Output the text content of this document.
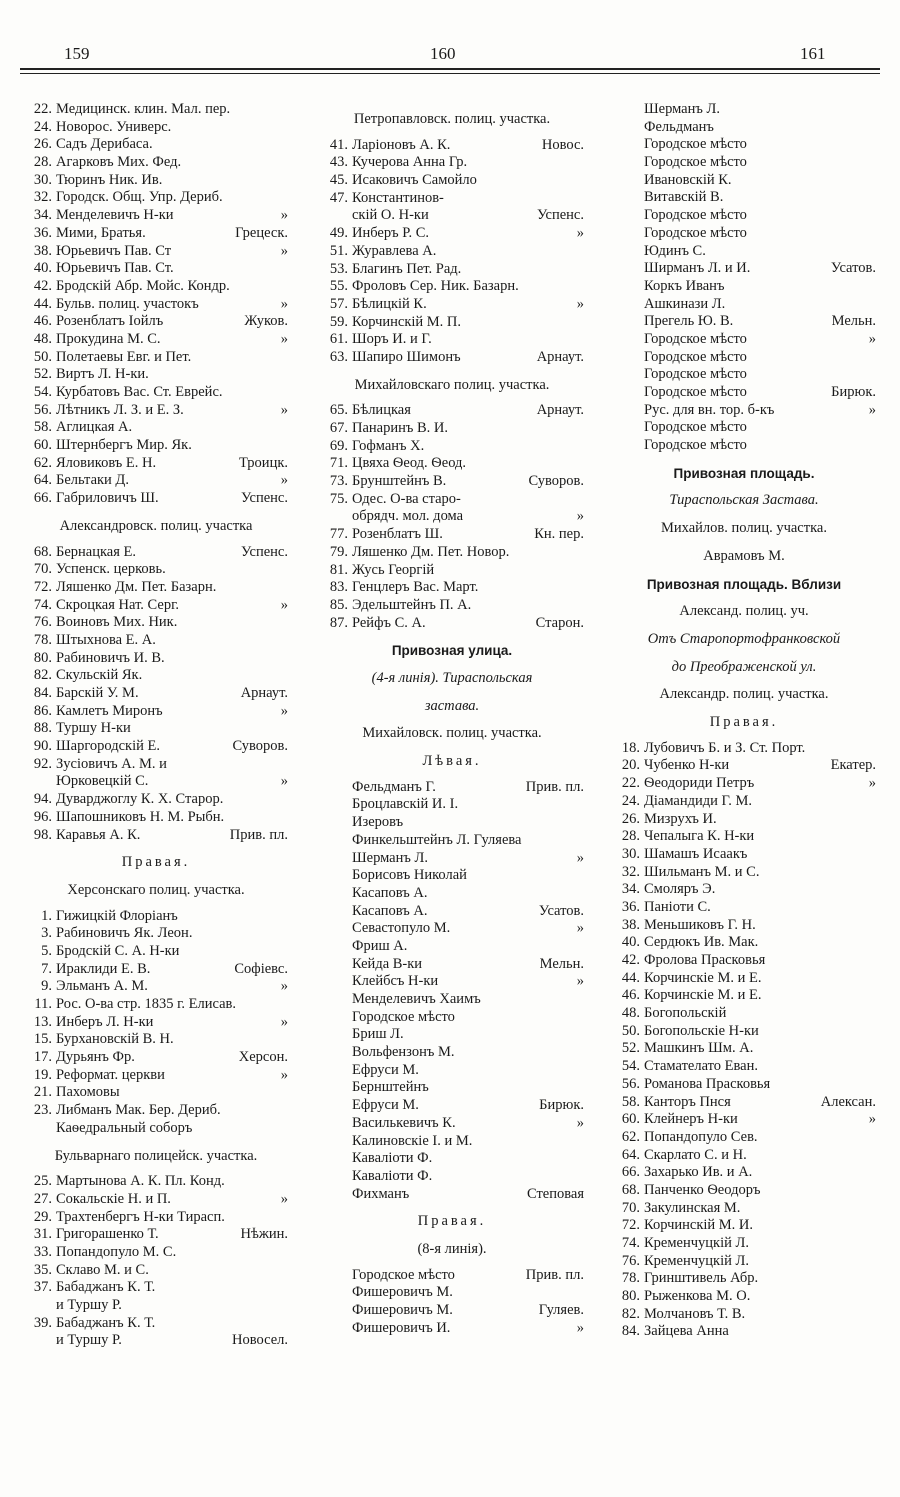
159	160	161
22. Медицинск. клин. Мал. пер.
24. Новорос. Универс.
26. Садъ Дерибаса.
28. Агарковъ Мих. Фед.
30. Тюринъ Ник. Ив.
32. Городск. Общ. Упр. Дериб.
34. Менделевичъ Н-ки	»
36. Мими, Братья.	Грецеск.
38. Юрьевичъ Пав. Ст	»
40. Юрьевичъ Пав. Ст.
42. Бродскій Абр. Мойс. Кондр.
44. Бульв. полиц. участокъ	»
46. Розенблатъ Іойлъ	Жуков.
48. Прокудина М. С.	»
50. Полетаевы Евг. и Пет.
52. Виртъ Л. Н-ки.
54. Курбатовъ Вас. Ст. Еврейс.
56. Лѣтникъ Л. З. и Е. З.	»
58. Аглицкая А.
60. Штернбергъ Мир. Як.
62. Яловиковъ Е. Н.	Троицк.
64. Бельтаки Д.	»
66. Габриловичъ Ш.	Успенс.
Александровск. полиц. участка
68. Бернацкая Е.	Успенс.
70. Успенск. церковь.
72. Ляшенко Дм. Пет. Базарн.
74. Скроцкая Нат. Серг.	»
76. Воиновъ Мих. Ник.
78. Штыхнова Е. А.
80. Рабиновичъ И. В.
82. Скульскій Як.
84. Барскій У. М.	Арнаут.
86. Камлетъ Миронъ	»
88. Туршу Н-ки
90. Шаргородскій Е.	Суворов.
92. Зусіовичъ А. М. и
Юрковецкій С.	»
94. Дуварджоглу К. Х. Старор.
96. Шапошниковъ Н. М. Рыбн.
98. Каравья А. К.	Прив. пл.
Правая.
Херсонскаго полиц. участка.
1. Гижицкій Флоріанъ
3. Рабиновичъ Як. Леон.
5. Бродскій С. А. Н-ки
7. Ираклиди Е. В.	Софіевс.
9. Эльманъ А. М.	»
11. Рос. О-ва стр. 1835 г. Елисав.
13. Инберъ Л. Н-ки	»
15. Бурхановскій В. Н.
17. Дурьянъ Фр.	Херсон.
19. Реформат. церкви	»
21. Пахомовы
23. Либманъ Мак. Бер. Дериб.
Каѳедральный соборъ
Бульварнаго полицейск. участка.
25. Мартынова А. К. Пл. Конд.
27. Сокальскіе Н. и П.	»
29. Трахтенбергъ Н-ки Тирасп.
31. Григорашенко Т.	Нѣжин.
33. Попандопуло М. С.
35. Склаво М. и С.
37. Бабаджанъ К. Т.
и Туршу Р.
39. Бабаджанъ К. Т.
и Туршу Р.	Новосел.
Петропавловск. полиц. участка.
41. Ларіоновъ А. К.	Новос.
43. Кучерова Анна Гр.
45. Исаковичъ Самойло
47. Константинов-
скій О. Н-ки	Успенс.
49. Инберъ Р. С.	»
51. Журавлева А.
53. Благинъ Пет. Рад.
55. Фроловъ Сер. Ник. Базарн.
57. Бѣлицкій К.	»
59. Корчинскій М. П.
61. Шоръ И. и Г.
63. Шапиро Шимонъ	Арнаут.
Михайловскаго полиц. участка.
65. Бѣлицкая	Арнаут.
67. Панаринъ В. И.
69. Гофманъ Х.
71. Цвяха Ѳеод. Ѳеод.
73. Брунштейнъ В.	Суворов.
75. Одес. О-ва старо-
обрядч. мол. дома	»
77. Розенблатъ Ш.	Кн. пер.
79. Ляшенко Дм. Пет. Новор.
81. Жусь Георгій
83. Генцлеръ Вас. Март.
85. Эдельштейнъ П. А.
87. Рейфъ С. А.	Старон.
Привозная улица.
(4-я линія). Тираспольская
застава.
Михайловск. полиц. участка.
Лѣвая.
Фельдманъ Г.	Прив. пл.
Броцлавскій И. І.
Изеровъ
Финкельштейнъ Л. Гуляева
Шерманъ Л.	»
Борисовъ Николай
Касаповъ А.
Касаповъ А.	Усатов.
Севастопуло М.	»
Фриш А.
Кейда В-ки	Мельн.
Клейбсъ Н-ки	»
Менделевичъ Хаимъ
Городское мѣсто
Бриш Л.
Вольфензонъ М.
Ефруси М.
Бернштейнъ
Ефруси М.	Бирюк.
Василькевичъ К.	»
Калиновскіе І. и М.
Каваліоти Ф.
Каваліоти Ф.
Фихманъ	Степовая
Правая.
(8-я линія).
Городское мѣсто	Прив. пл.
Фишеровичъ М.
Фишеровичъ М.	Гуляев.
Фишеровичъ И.	»
Шерманъ Л.
Фельдманъ
Городское мѣсто
Городское мѣсто
Ивановскій К.
Витавскій В.
Городское мѣсто
Городское мѣсто
Юдинъ С.
Ширманъ Л. и И.	Усатов.
Коркъ Иванъ
Ашкинази Л.
Прегель Ю. В.	Мельн.
Городское мѣсто	»
Городское мѣсто
Городское мѣсто
Городское мѣсто	Бирюк.
Рус. для вн. тор. б-къ	»
Городское мѣсто
Городское мѣсто
Привозная площадь.
Тираспольская Застава.
Михайлов. полиц. участка.
Аврамовъ М.
Привозная площадь. Вблизи
Александ. полиц. уч.
Отъ Старопортофранковской
до Преображенской ул.
Александр. полиц. участка.
Правая.
18. Лубовичъ Б. и З. Ст. Порт.
20. Чубенко Н-ки	Екатер.
22. Ѳеодориди Петръ	»
24. Діамандиди Г. М.
26. Мизрухъ И.
28. Чепалыга К. Н-ки
30. Шамашъ Исаакъ
32. Шильманъ М. и С.
34. Смоляръ Э.
36. Паніоти С.
38. Меньшиковъ Г. Н.
40. Сердюкъ Ив. Мак.
42. Фролова Прасковья
44. Корчинскіе М. и Е.
46. Корчинскіе М. и Е.
48. Богопольскій
50. Богопольскіе Н-ки
52. Машкинъ Шм. А.
54. Стамателато Еван.
56. Романова Прасковья
58. Канторъ Пнся	Алексан.
60. Клейнеръ Н-ки	»
62. Попандопуло Сев.
64. Скарлато С. и Н.
66. Захарько Ив. и А.
68. Панченко Ѳеодоръ
70. Закулинская М.
72. Корчинскій М. И.
74. Кременчуцкій Л.
76. Кременчуцкій Л.
78. Гринштивель Абр.
80. Рыженкова М. О.
82. Молчановъ Т. В.
84. Зайцева Анна
